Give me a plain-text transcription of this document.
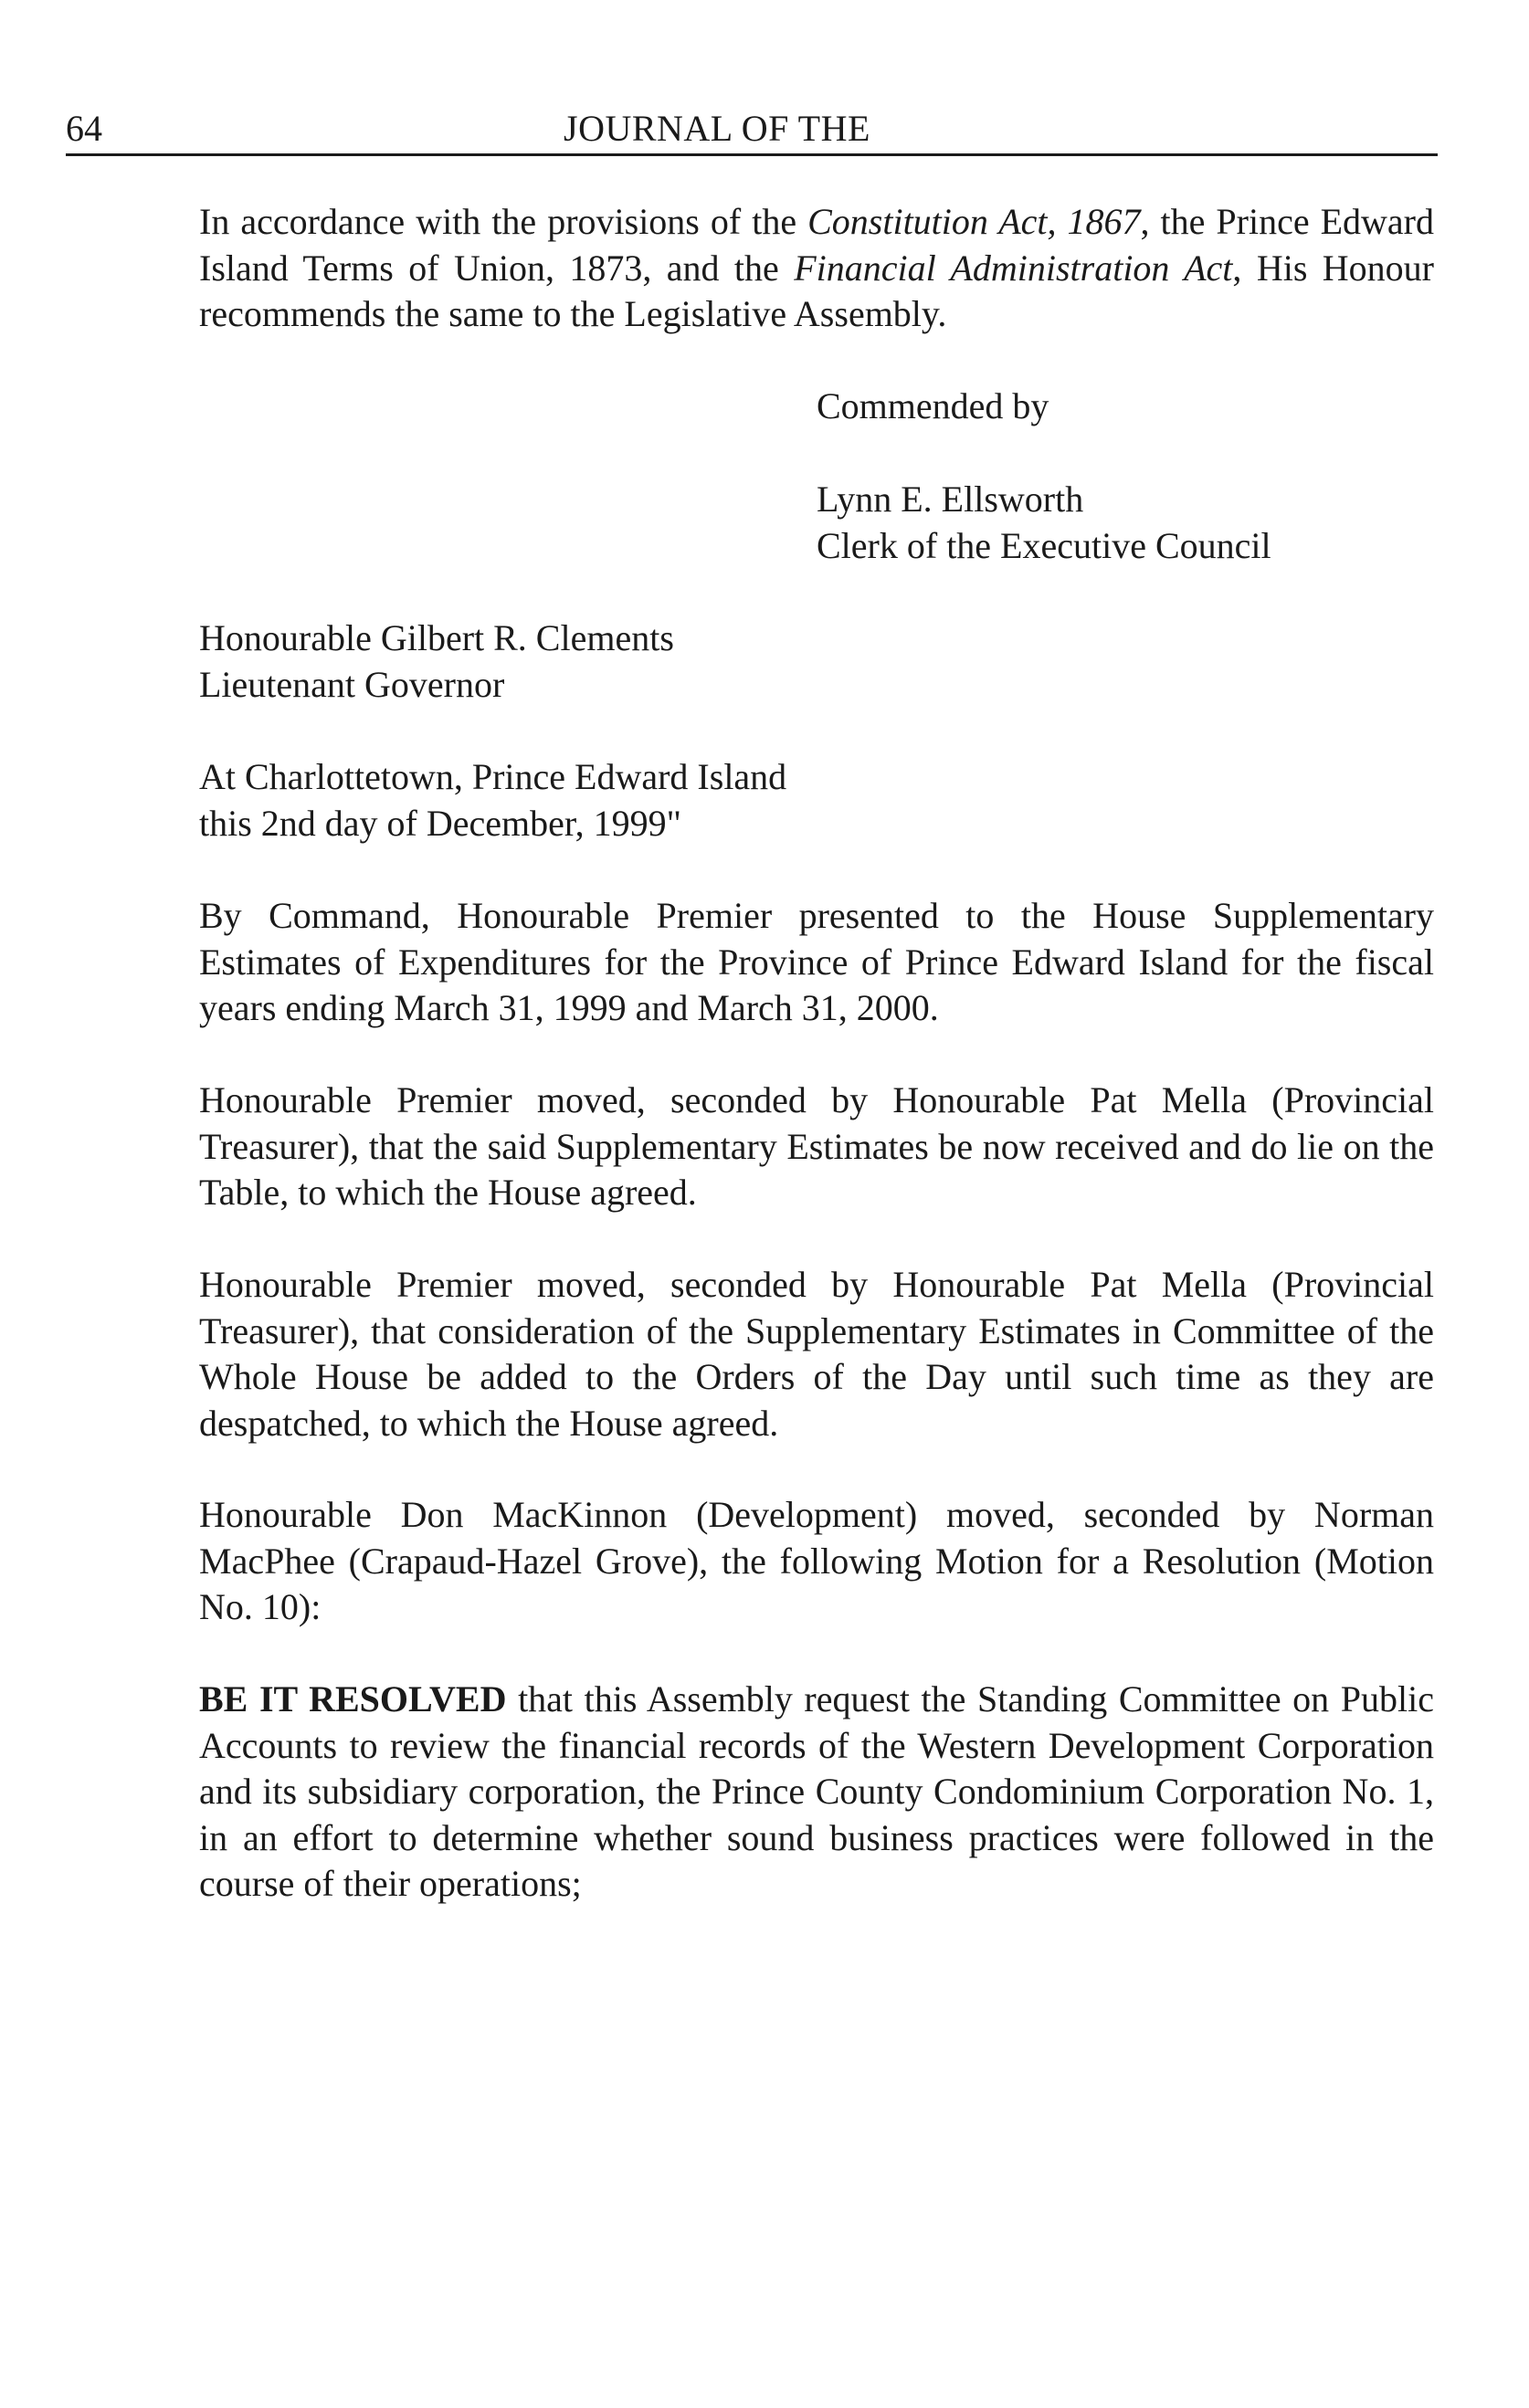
64	JOURNAL OF THE

In accordance with the provisions of the Constitution Act, 1867, the Prince Edward Island Terms of Union, 1873, and the Financial Administration Act, His Honour recommends the same to the Legislative Assembly.

Commended by
Lynn E. Ellsworth
Clerk of the Executive Council
Honourable Gilbert R. Clements
Lieutenant Governor
At Charlottetown, Prince Edward Island
this 2nd day of December, 1999"

By Command, Honourable Premier presented to the House Supplementary Estimates of Expenditures for the Province of Prince Edward Island for the fiscal years ending March 31, 1999 and March 31, 2000.

Honourable Premier moved, seconded by Honourable Pat Mella (Provincial Treasurer), that the said Supplementary Estimates be now received and do lie on the Table, to which the House agreed.

Honourable Premier moved, seconded by Honourable Pat Mella (Provincial Treasurer), that consideration of the Supplementary Estimates in Committee of the Whole House be added to the Orders of the Day until such time as they are despatched, to which the House agreed.

Honourable Don MacKinnon (Development) moved, seconded by Norman MacPhee (Crapaud-Hazel Grove), the following Motion for a Resolution (Motion No. 10):

BE IT RESOLVED that this Assembly request the Standing Committee on Public Accounts to review the financial records of the Western Development Corporation and its subsidiary corporation, the Prince County Condominium Corporation No. 1, in an effort to determine whether sound business practices were followed in the course of their operations;
